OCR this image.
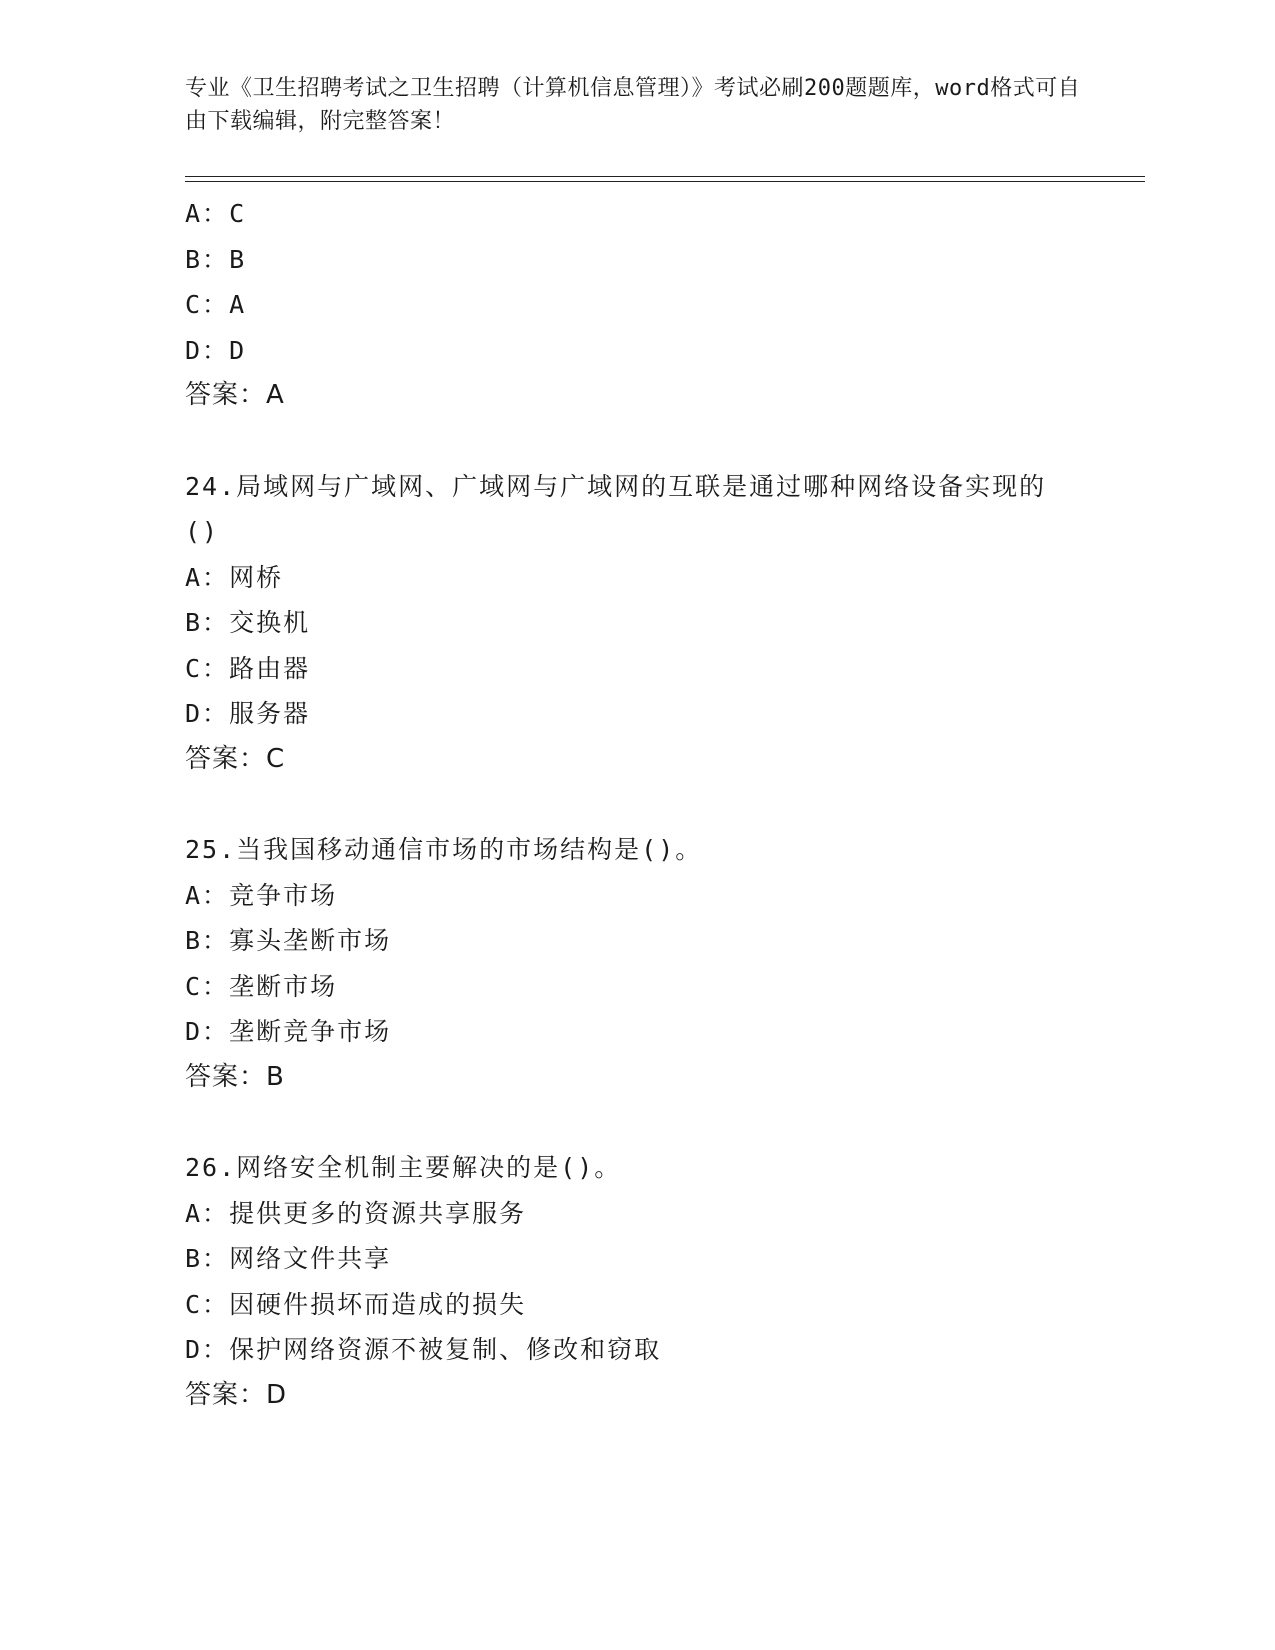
专业《卫生招聘考试之卫生招聘（计算机信息管理）》考试必刷200题题库，word格式可自由下载编辑，附完整答案！
A：C
B：B
C：A
D：D
答案：A
24.局域网与广域网、广域网与广域网的互联是通过哪种网络设备实现的()
A：网桥
B：交换机
C：路由器
D：服务器
答案：C
25.当我国移动通信市场的市场结构是()。
A：竞争市场
B：寡头垄断市场
C：垄断市场
D：垄断竞争市场
答案：B
26.网络安全机制主要解决的是()。
A：提供更多的资源共享服务
B：网络文件共享
C：因硬件损坏而造成的损失
D：保护网络资源不被复制、修改和窃取
答案：D
